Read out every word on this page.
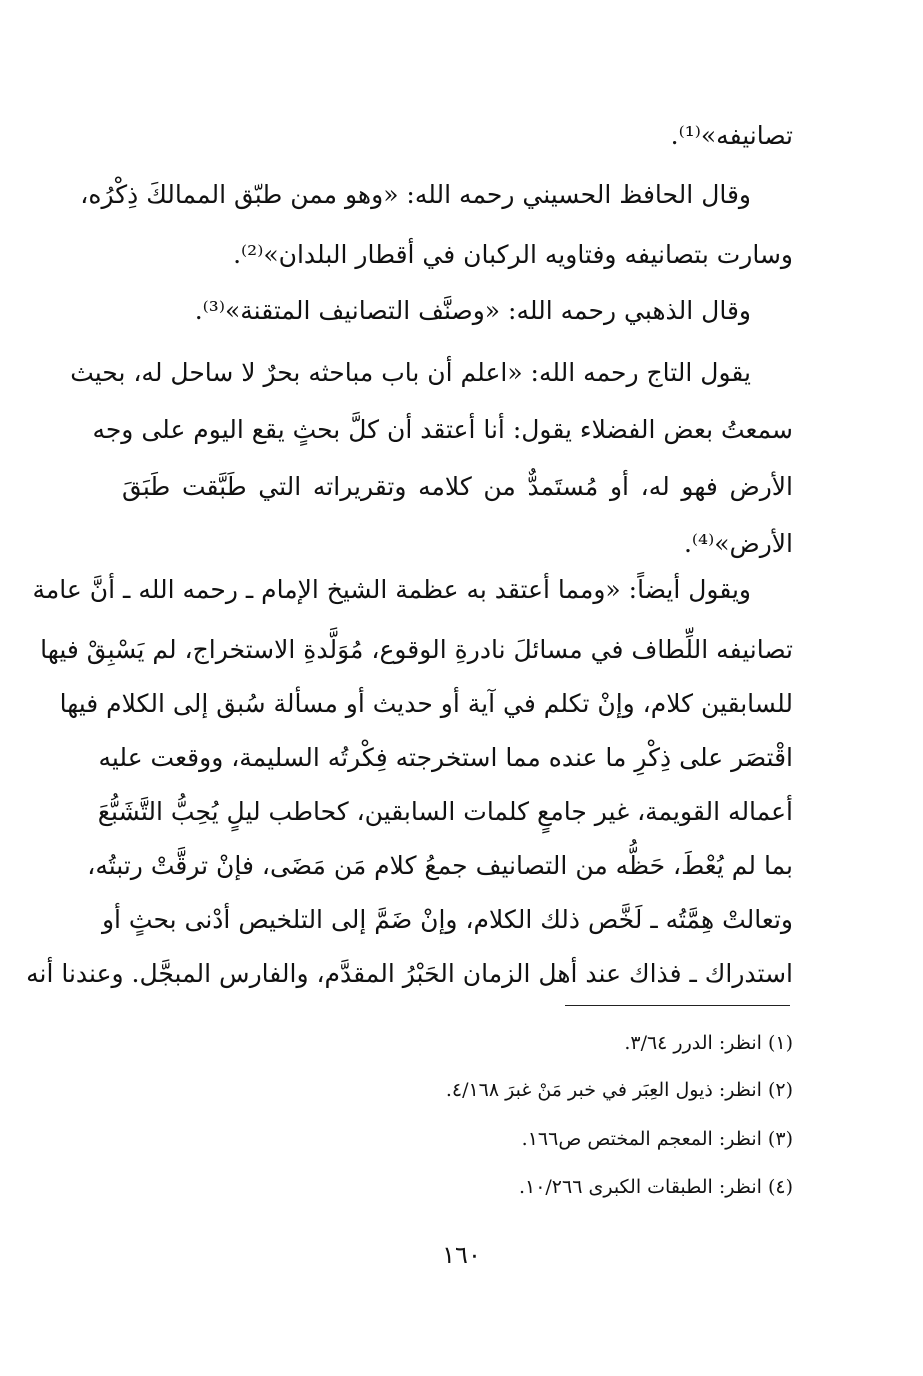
تصانيفه»⁽¹⁾.
وقال الحافظ الحسيني رحمه الله: «وهو ممن طبّق الممالكَ ذِكْرُه،
وسارت بتصانيفه وفتاويه الركبان في أقطار البلدان»⁽²⁾.
وقال الذهبي رحمه الله: «وصنَّف التصانيف المتقنة»⁽³⁾.
يقول التاج رحمه الله: «اعلم أن باب مباحثه بحرٌ لا ساحل له، بحيث
سمعتُ بعض الفضلاء يقول: أنا أعتقد أن كلَّ بحثٍ يقع اليوم على وجه
الأرض فهو له، أو مُستَمدٌّ من كلامه وتقريراته التي طَبَّقت طَبَقَ
الأرض»⁽⁴⁾.
ويقول أيضاً: «ومما أعتقد به عظمة الشيخ الإمام ـ رحمه الله ـ أنَّ عامة
تصانيفه اللِّطاف في مسائلَ نادرةِ الوقوع، مُوَلَّدةِ الاستخراج، لم يَسْبِقْ فيها
للسابقين كلام، وإنْ تكلم في آية أو حديث أو مسألة سُبق إلى الكلام فيها
اقْتصَر على ذِكْرِ ما عنده مما استخرجته فِكْرتُه السليمة، ووقعت عليه
أعماله القويمة، غير جامعٍ كلمات السابقين، كحاطب ليلٍ يُحِبُّ التَّشَبُّعَ
بما لم يُعْطَ، حَظُّه من التصانيف جمعُ كلام مَن مَضَى، فإنْ ترقَّتْ رتبتُه،
وتعالتْ هِمَّتُه ـ لَخَّص ذلك الكلام، وإنْ ضَمَّ إلى التلخيص أدْنى بحثٍ أو
استدراك ـ فذاك عند أهل الزمان الحَبْرُ المقدَّم، والفارس المبجَّل. وعندنا أنه
(١) انظر: الدرر ٣/٦٤.
(٢) انظر: ذيول العِبَر في خبر مَنْ غبرَ ٤/١٦٨.
(٣) انظر: المعجم المختص ص١٦٦.
(٤) انظر: الطبقات الكبرى ١٠/٢٦٦.
١٦٠
